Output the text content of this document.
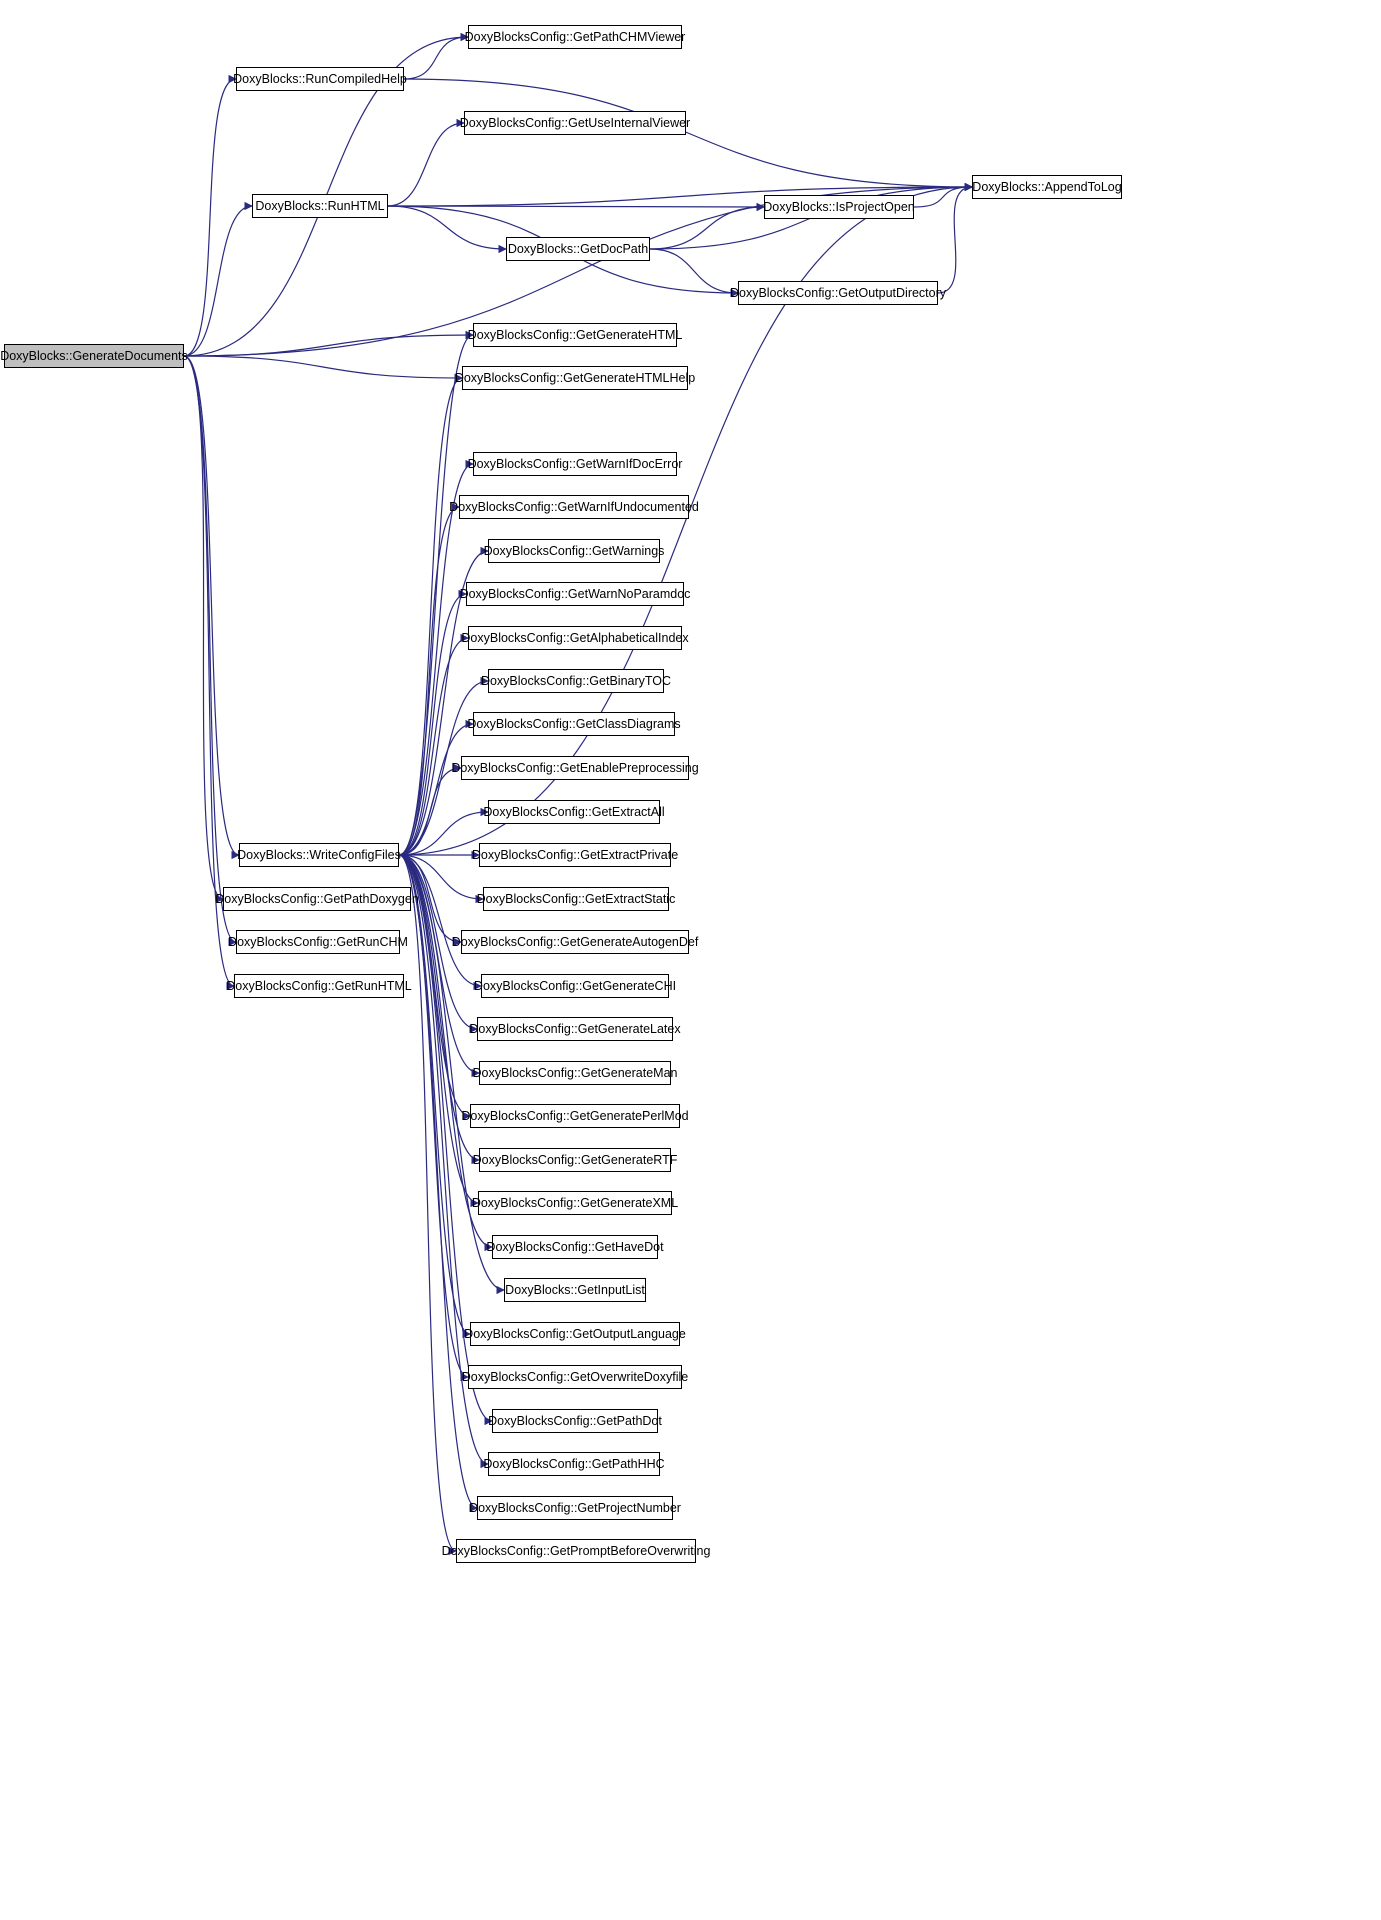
DoxyBlocks::GenerateDocuments
DoxyBlocks::RunCompiledHelp
DoxyBlocksConfig::GetPathCHMViewer
DoxyBlocksConfig::GetUseInternalViewer
DoxyBlocks::RunHTML	DoxyBlocks::IsProjectOpen
DoxyBlocks::AppendToLog
DoxyBlocks::GetDocPath
DoxyBlocksConfig::GetOutputDirectory
DoxyBlocksConfig::GetGenerateHTML
DoxyBlocksConfig::GetGenerateHTMLHelp
DoxyBlocksConfig::GetWarnIfDocError
DoxyBlocksConfig::GetWarnIfUndocumented
DoxyBlocksConfig::GetWarnings
DoxyBlocksConfig::GetWarnNoParamdoc
DoxyBlocksConfig::GetAlphabeticalIndex
DoxyBlocksConfig::GetBinaryTOC
DoxyBlocksConfig::GetClassDiagrams
DoxyBlocksConfig::GetEnablePreprocessing
DoxyBlocksConfig::GetExtractAll
DoxyBlocks::WriteConfigFiles	DoxyBlocksConfig::GetExtractPrivate
DoxyBlocksConfig::GetExtractStatic
DoxyBlocksConfig::GetPathDoxygen
DoxyBlocksConfig::GetGenerateAutogenDef
DoxyBlocksConfig::GetRunCHM
DoxyBlocksConfig::GetGenerateCHI
DoxyBlocksConfig::GetRunHTML
DoxyBlocksConfig::GetGenerateLatex
DoxyBlocksConfig::GetGenerateMan
DoxyBlocksConfig::GetGeneratePerlMod
DoxyBlocksConfig::GetGenerateRTF
DoxyBlocksConfig::GetGenerateXML
DoxyBlocksConfig::GetHaveDot
DoxyBlocks::GetInputList
DoxyBlocksConfig::GetOutputLanguage
DoxyBlocksConfig::GetOverwriteDoxyfile
DoxyBlocksConfig::GetPathDot
DoxyBlocksConfig::GetPathHHC
DoxyBlocksConfig::GetProjectNumber
DoxyBlocksConfig::GetPromptBeforeOverwriting
